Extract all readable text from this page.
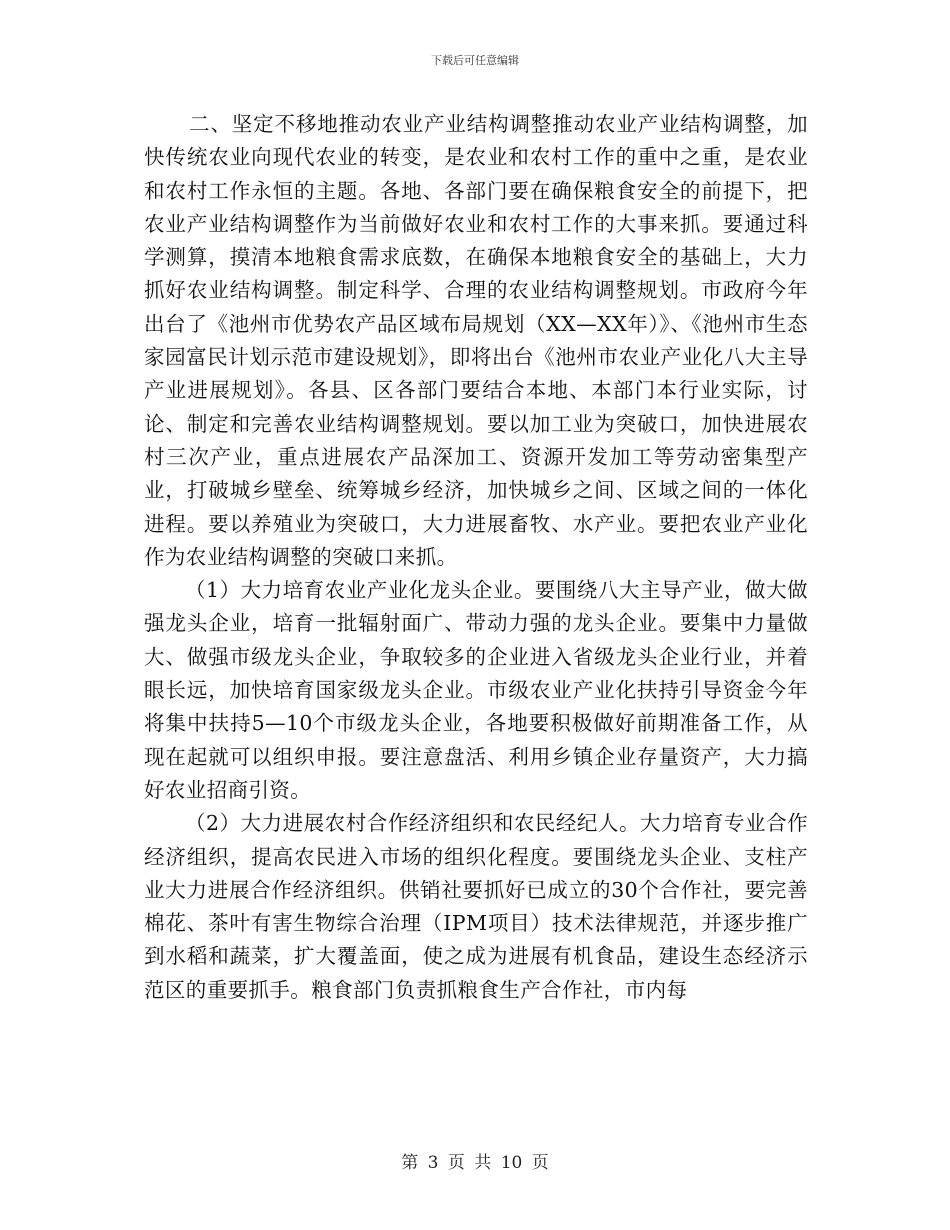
下载后可任意编辑

二、坚定不移地推动农业产业结构调整推动农业产业结构调整，加快传统农业向现代农业的转变，是农业和农村工作的重中之重，是农业和农村工作永恒的主题。各地、各部门要在确保粮食安全的前提下，把农业产业结构调整作为当前做好农业和农村工作的大事来抓。要通过科学测算，摸清本地粮食需求底数，在确保本地粮食安全的基础上，大力抓好农业结构调整。制定科学、合理的农业结构调整规划。市政府今年出台了《池州市优势农产品区域布局规划（XX—XX年）》、《池州市生态家园富民计划示范市建设规划》，即将出台《池州市农业产业化八大主导产业进展规划》。各县、区各部门要结合本地、本部门本行业实际，讨论、制定和完善农业结构调整规划。要以加工业为突破口，加快进展农村三次产业，重点进展农产品深加工、资源开发加工等劳动密集型产业，打破城乡壁垒、统筹城乡经济，加快城乡之间、区域之间的一体化进程。要以养殖业为突破口，大力进展畜牧、水产业。要把农业产业化作为农业结构调整的突破口来抓。

（1）大力培育农业产业化龙头企业。要围绕八大主导产业，做大做强龙头企业，培育一批辐射面广、带动力强的龙头企业。要集中力量做大、做强市级龙头企业，争取较多的企业进入省级龙头企业行业，并着眼长远，加快培育国家级龙头企业。市级农业产业化扶持引导资金今年将集中扶持5—10个市级龙头企业，各地要积极做好前期准备工作，从现在起就可以组织申报。要注意盘活、利用乡镇企业存量资产，大力搞好农业招商引资。

（2）大力进展农村合作经济组织和农民经纪人。大力培育专业合作经济组织，提高农民进入市场的组织化程度。要围绕龙头企业、支柱产业大力进展合作经济组织。供销社要抓好已成立的30个合作社，要完善棉花、茶叶有害生物综合治理（IPM项目）技术法律规范，并逐步推广到水稻和蔬菜，扩大覆盖面，使之成为进展有机食品，建设生态经济示范区的重要抓手。粮食部门负责抓粮食生产合作社，市内每

第 3 页 共 10 页
